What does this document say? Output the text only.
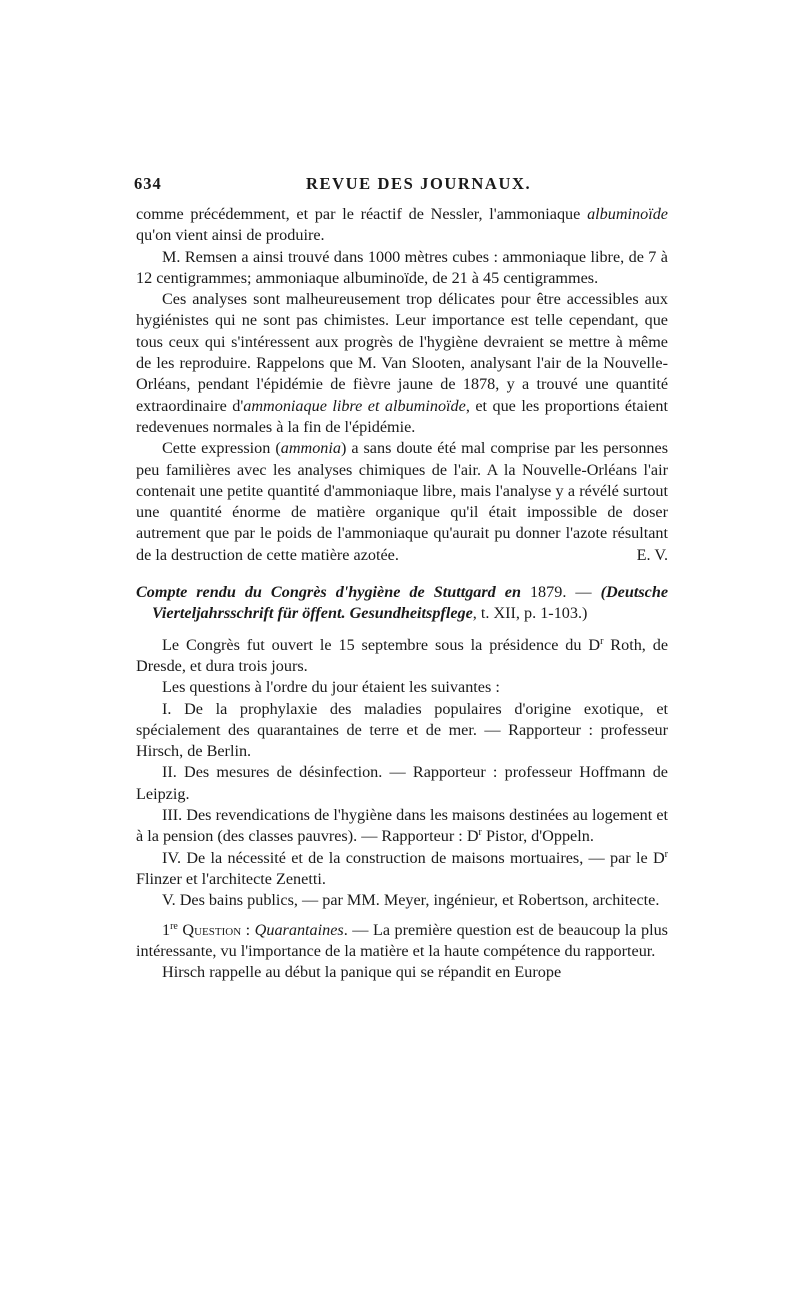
634	REVUE DES JOURNAUX.

comme précédemment, et par le réactif de Nessler, l'ammoniaque albuminoïde qu'on vient ainsi de produire.

M. Remsen a ainsi trouvé dans 1000 mètres cubes : ammoniaque libre, de 7 à 12 centigrammes; ammoniaque albuminoïde, de 21 à 45 centigrammes.

Ces analyses sont malheureusement trop délicates pour être accessibles aux hygiénistes qui ne sont pas chimistes. Leur importance est telle cependant, que tous ceux qui s'intéressent aux progrès de l'hygiène devraient se mettre à même de les reproduire. Rappelons que M. Van Slooten, analysant l'air de la Nouvelle-Orléans, pendant l'épidémie de fièvre jaune de 1878, y a trouvé une quantité extraordinaire d'ammoniaque libre et albuminoïde, et que les proportions étaient redevenues normales à la fin de l'épidémie.

Cette expression (ammonia) a sans doute été mal comprise par les personnes peu familières avec les analyses chimiques de l'air. A la Nouvelle-Orléans l'air contenait une petite quantité d'ammoniaque libre, mais l'analyse y a révélé surtout une quantité énorme de matière organique qu'il était impossible de doser autrement que par le poids de l'ammoniaque qu'aurait pu donner l'azote résultant de la destruction de cette matière azotée.	E. V.

Compte rendu du Congrès d'hygiène de Stuttgard en 1879. — (Deutsche Vierteljahrsschrift für öffent. Gesundheitspflege, t. XII, p. 1-103.)

Le Congrès fut ouvert le 15 septembre sous la présidence du $D^r$ Roth, de Dresde, et dura trois jours.

Les questions à l'ordre du jour étaient les suivantes :

I. De la prophylaxie des maladies populaires d'origine exotique, et spécialement des quarantaines de terre et de mer. — Rapporteur : professeur Hirsch, de Berlin.

II. Des mesures de désinfection. — Rapporteur : professeur Hoffmann de Leipzig.

III. Des revendications de l'hygiène dans les maisons destinées au logement et à la pension (des classes pauvres). — Rapporteur : $D^r$ Pistor, d'Oppeln.

IV. De la nécessité et de la construction de maisons mortuaires, — par le $D^r$ Flinzer et l'architecte Zenetti.

V. Des bains publics, — par MM. Meyer, ingénieur, et Robertson, architecte.

1re Question : Quarantaines. — La première question est de beaucoup la plus intéressante, vu l'importance de la matière et la haute compétence du rapporteur.

Hirsch rappelle au début la panique qui se répandit en Europe
